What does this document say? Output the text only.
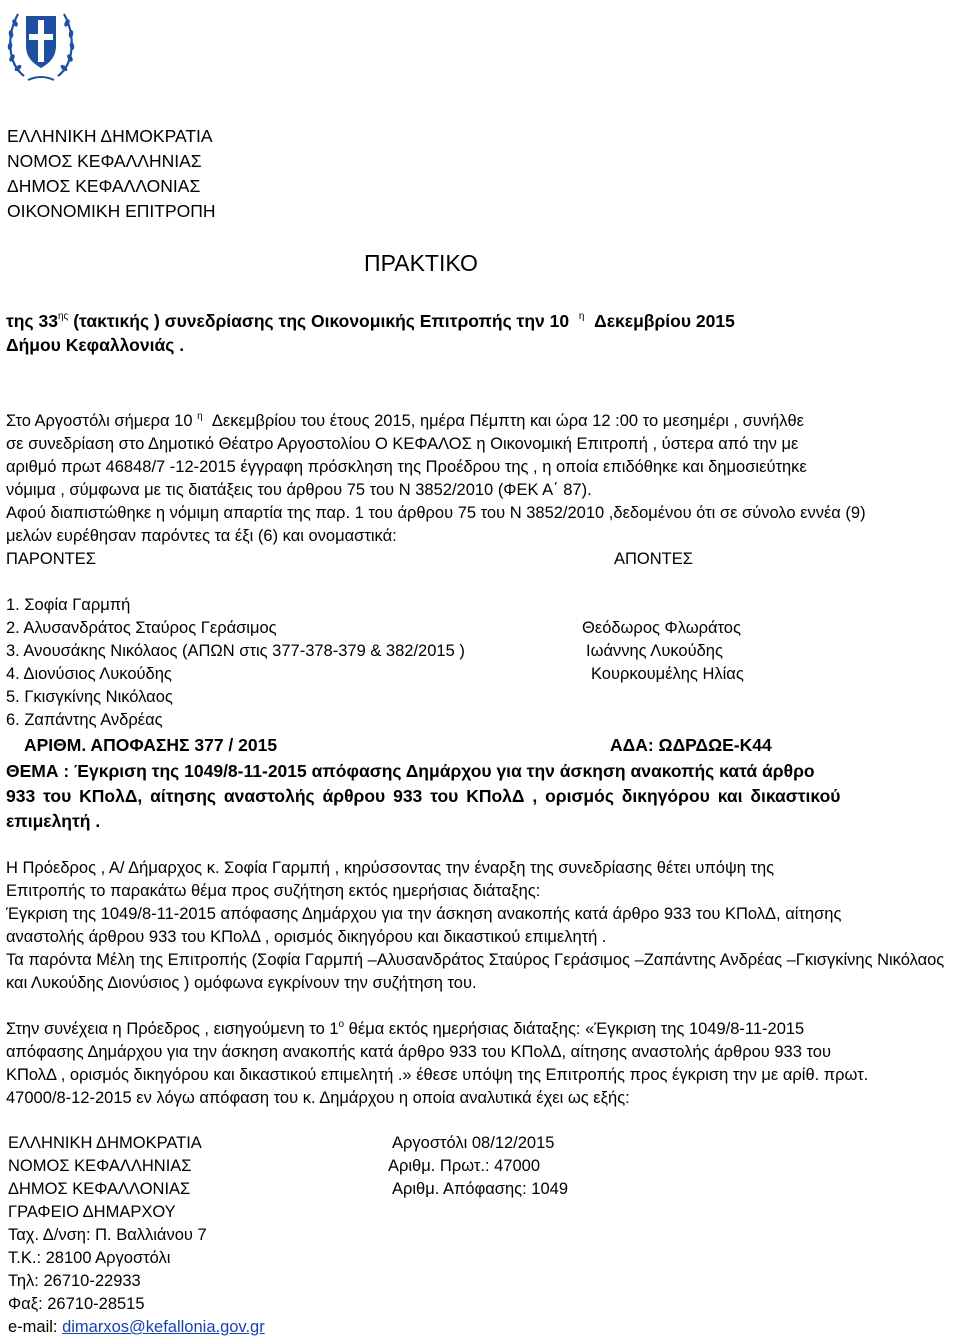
ΕΛΛΗΝΙΚΗ ΔΗΜΟΚΡΑΤΙΑ
ΝΟΜΟΣ ΚΕΦΑΛΛΗΝΙΑΣ
ΔΗΜΟΣ ΚΕΦΑΛΛΟΝΙΑΣ
ΟΙΚΟΝΟΜΙΚΗ ΕΠΙΤΡΟΠΗ
ΠΡΑΚΤΙΚΟ
της $33^{\eta\varsigma}$ (τακτικής ) συνεδρίασης της Οικονομικής Επιτροπής την 10 $^\eta$ Δεκεμβρίου 2015
Δήμου Κεφαλλονιάς .
Στο Αργοστόλι σήμερα 10 $^\eta$ Δεκεμβρίου του έτους 2015, ημέρα Πέμπτη και ώρα 12 :00 το μεσημέρι , συνήλθε
σε συνεδρίαση στο Δημοτικό Θέατρο Αργοστολίου Ο ΚΕΦΑΛΟΣ η Οικονομική Επιτροπή , ύστερα από την με
αριθμό πρωτ 46848/7 -12-2015 έγγραφη πρόσκληση της Προέδρου της , η οποία επιδόθηκε και δημοσιεύτηκε
νόμιμα , σύμφωνα με τις διατάξεις του άρθρου 75 του Ν 3852/2010 (ΦΕΚ Α΄ 87).
Αφού διαπιστώθηκε η νόμιμη απαρτία της παρ. 1 του άρθρου 75 του Ν 3852/2010 ,δεδομένου ότι σε σύνολο εννέα (9)
μελών ευρέθησαν παρόντες τα έξι (6) και ονομαστικά:
ΠΑΡΟΝΤΕΣ	ΑΠΟΝΤΕΣ
1. Σοφία Γαρμπή
2. Αλυσανδράτος Σταύρος Γεράσιμος
3. Ανουσάκης Νικόλαος (ΑΠΩΝ στις 377-378-379 & 382/2015 )
4. Διονύσιος Λυκούδης
5. Γκισγκίνης Νικόλαος
6. Ζαπάντης Ανδρέας
Θεόδωρος Φλωράτος
Ιωάννης Λυκούδης
Κουρκουμέλης Ηλίας
ΑΡΙΘΜ. ΑΠΟΦΑΣΗΣ 377 / 2015	ΑΔΑ: ΩΔΡΔΩΕ-Κ44
ΘΕΜΑ : Έγκριση της 1049/8-11-2015 απόφασης Δημάρχου για την άσκηση ανακοπής κατά άρθρο
933 του ΚΠολΔ, αίτησης αναστολής άρθρου 933 του ΚΠολΔ , ορισμός δικηγόρου και δικαστικού
επιμελητή .
Η Πρόεδρος , Α/ Δήμαρχος κ. Σοφία Γαρμπή , κηρύσσοντας την έναρξη της συνεδρίασης θέτει υπόψη της
Επιτροπής το παρακάτω θέμα προς συζήτηση εκτός ημερήσιας διάταξης:
Έγκριση της 1049/8-11-2015 απόφασης Δημάρχου για την άσκηση ανακοπής κατά άρθρο 933 του ΚΠολΔ, αίτησης
αναστολής άρθρου 933 του ΚΠολΔ , ορισμός δικηγόρου και δικαστικού επιμελητή .
Τα παρόντα Μέλη της Επιτροπής (Σοφία Γαρμπή –Αλυσανδράτος Σταύρος Γεράσιμος –Ζαπάντης Ανδρέας –Γκισγκίνης Νικόλαος
και Λυκούδης Διονύσιος ) ομόφωνα εγκρίνουν την συζήτηση του.
Στην συνέχεια η Πρόεδρος , εισηγούμενη το $1^o$ θέμα εκτός ημερήσιας διάταξης: «Έγκριση της 1049/8-11-2015
απόφασης Δημάρχου για την άσκηση ανακοπής κατά άρθρο 933 του ΚΠολΔ, αίτησης αναστολής άρθρου 933 του
ΚΠολΔ , ορισμός δικηγόρου και δικαστικού επιμελητή .» έθεσε υπόψη της Επιτροπής προς έγκριση την με αρίθ. πρωτ.
47000/8-12-2015 εν λόγω απόφαση του κ. Δημάρχου η οποία αναλυτικά έχει ως εξής:
ΕΛΛΗΝΙΚΗ ΔΗΜΟΚΡΑΤΙΑ
ΝΟΜΟΣ ΚΕΦΑΛΛΗΝΙΑΣ
ΔΗΜΟΣ ΚΕΦΑΛΛΟΝΙΑΣ
ΓΡΑΦΕΙΟ ΔΗΜΑΡΧΟΥ
Ταχ. Δ/νση: Π. Βαλλιάνου 7
Τ.Κ.: 28100 Αργοστόλι
Τηλ: 26710-22933
Φαξ: 26710-28515
e-mail: dimarxos@kefallonia.gov.gr
Αργοστόλι 08/12/2015
Αριθμ. Πρωτ.: 47000
Αριθμ. Απόφασης: 1049
